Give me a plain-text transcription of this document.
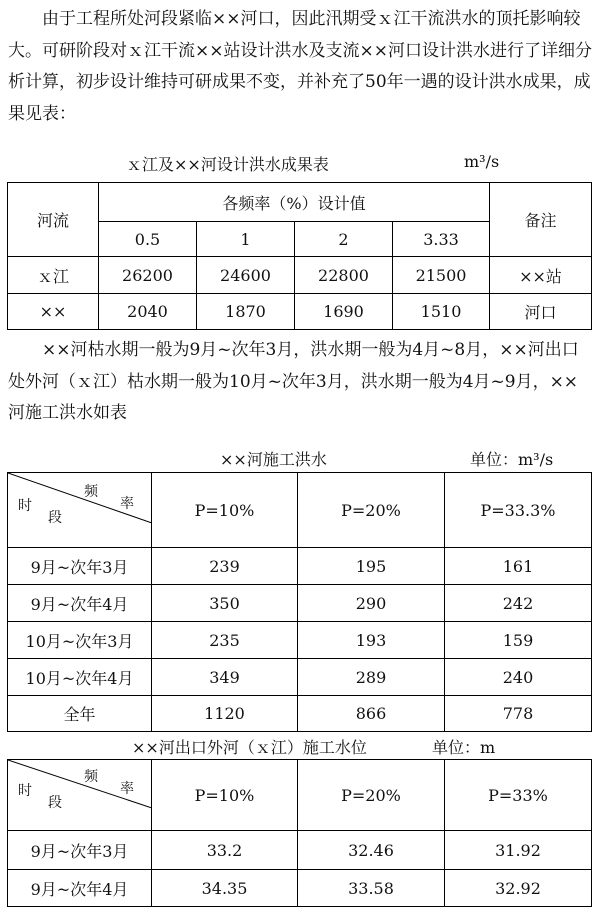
　　由于工程所处河段紧临××河口，因此汛期受ｘ江干流洪水的顶托影响较大。可研阶段对ｘ江干流××站设计洪水及支流××河口设计洪水进行了详细分析计算，初步设计维持可研成果不变，并补充了50年一遇的设计洪水成果，成果见表：

ｘ江及××河设计洪水成果表	m³/s
河流	各频率（%）设计值				备注
	0.5	1	2	3.33	
ｘ江	26200	24600	22800	21500	××站
××	2040	1870	1690	1510	河口

　　××河枯水期一般为9月~次年3月，洪水期一般为4月~8月，××河出口处外河（ｘ江）枯水期一般为10月~次年3月，洪水期一般为4月~9月，××河施工洪水如表

××河施工洪水	单位：m³/s
频
率
时
段	P=10%	P=20%	P=33.3%
9月~次年3月	239	195	161
9月~次年4月	350	290	242
10月~次年3月	235	193	159
10月~次年4月	349	289	240
全年	1120	866	778
××河出口外河（ｘ江）施工水位	单位：m
频
率
时
段	P=10%	P=20%	P=33%
9月~次年3月	33.2	32.46	31.92
9月~次年4月	34.35	33.58	32.92
